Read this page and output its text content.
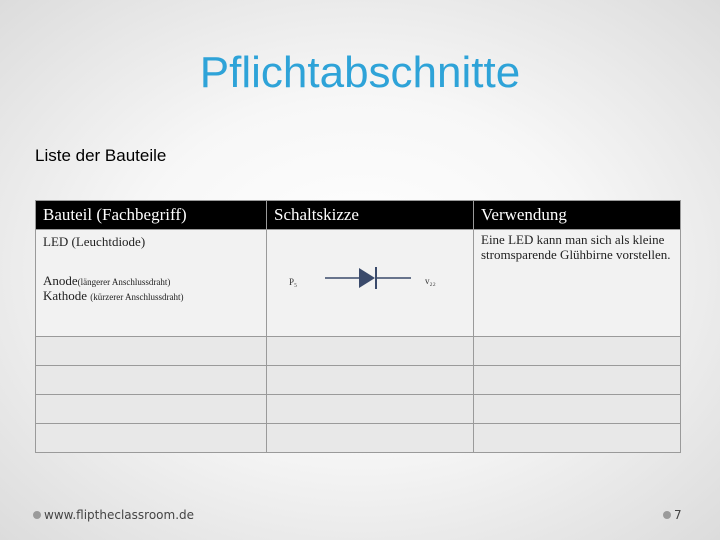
Pflichtabschnitte
Liste der Bauteile
Bauteil (Fachbegriff)	Schaltskizze	Verwendung

LED (Leuchtdiode)
Anode(längerer Anschlussdraht)
Kathode (kürzerer Anschlussdraht)	P₅ v₂₂	Eine LED kann man sich als kleine stromsparende Glühbirne vorstellen.

www.fliptheclassroom.de	7
